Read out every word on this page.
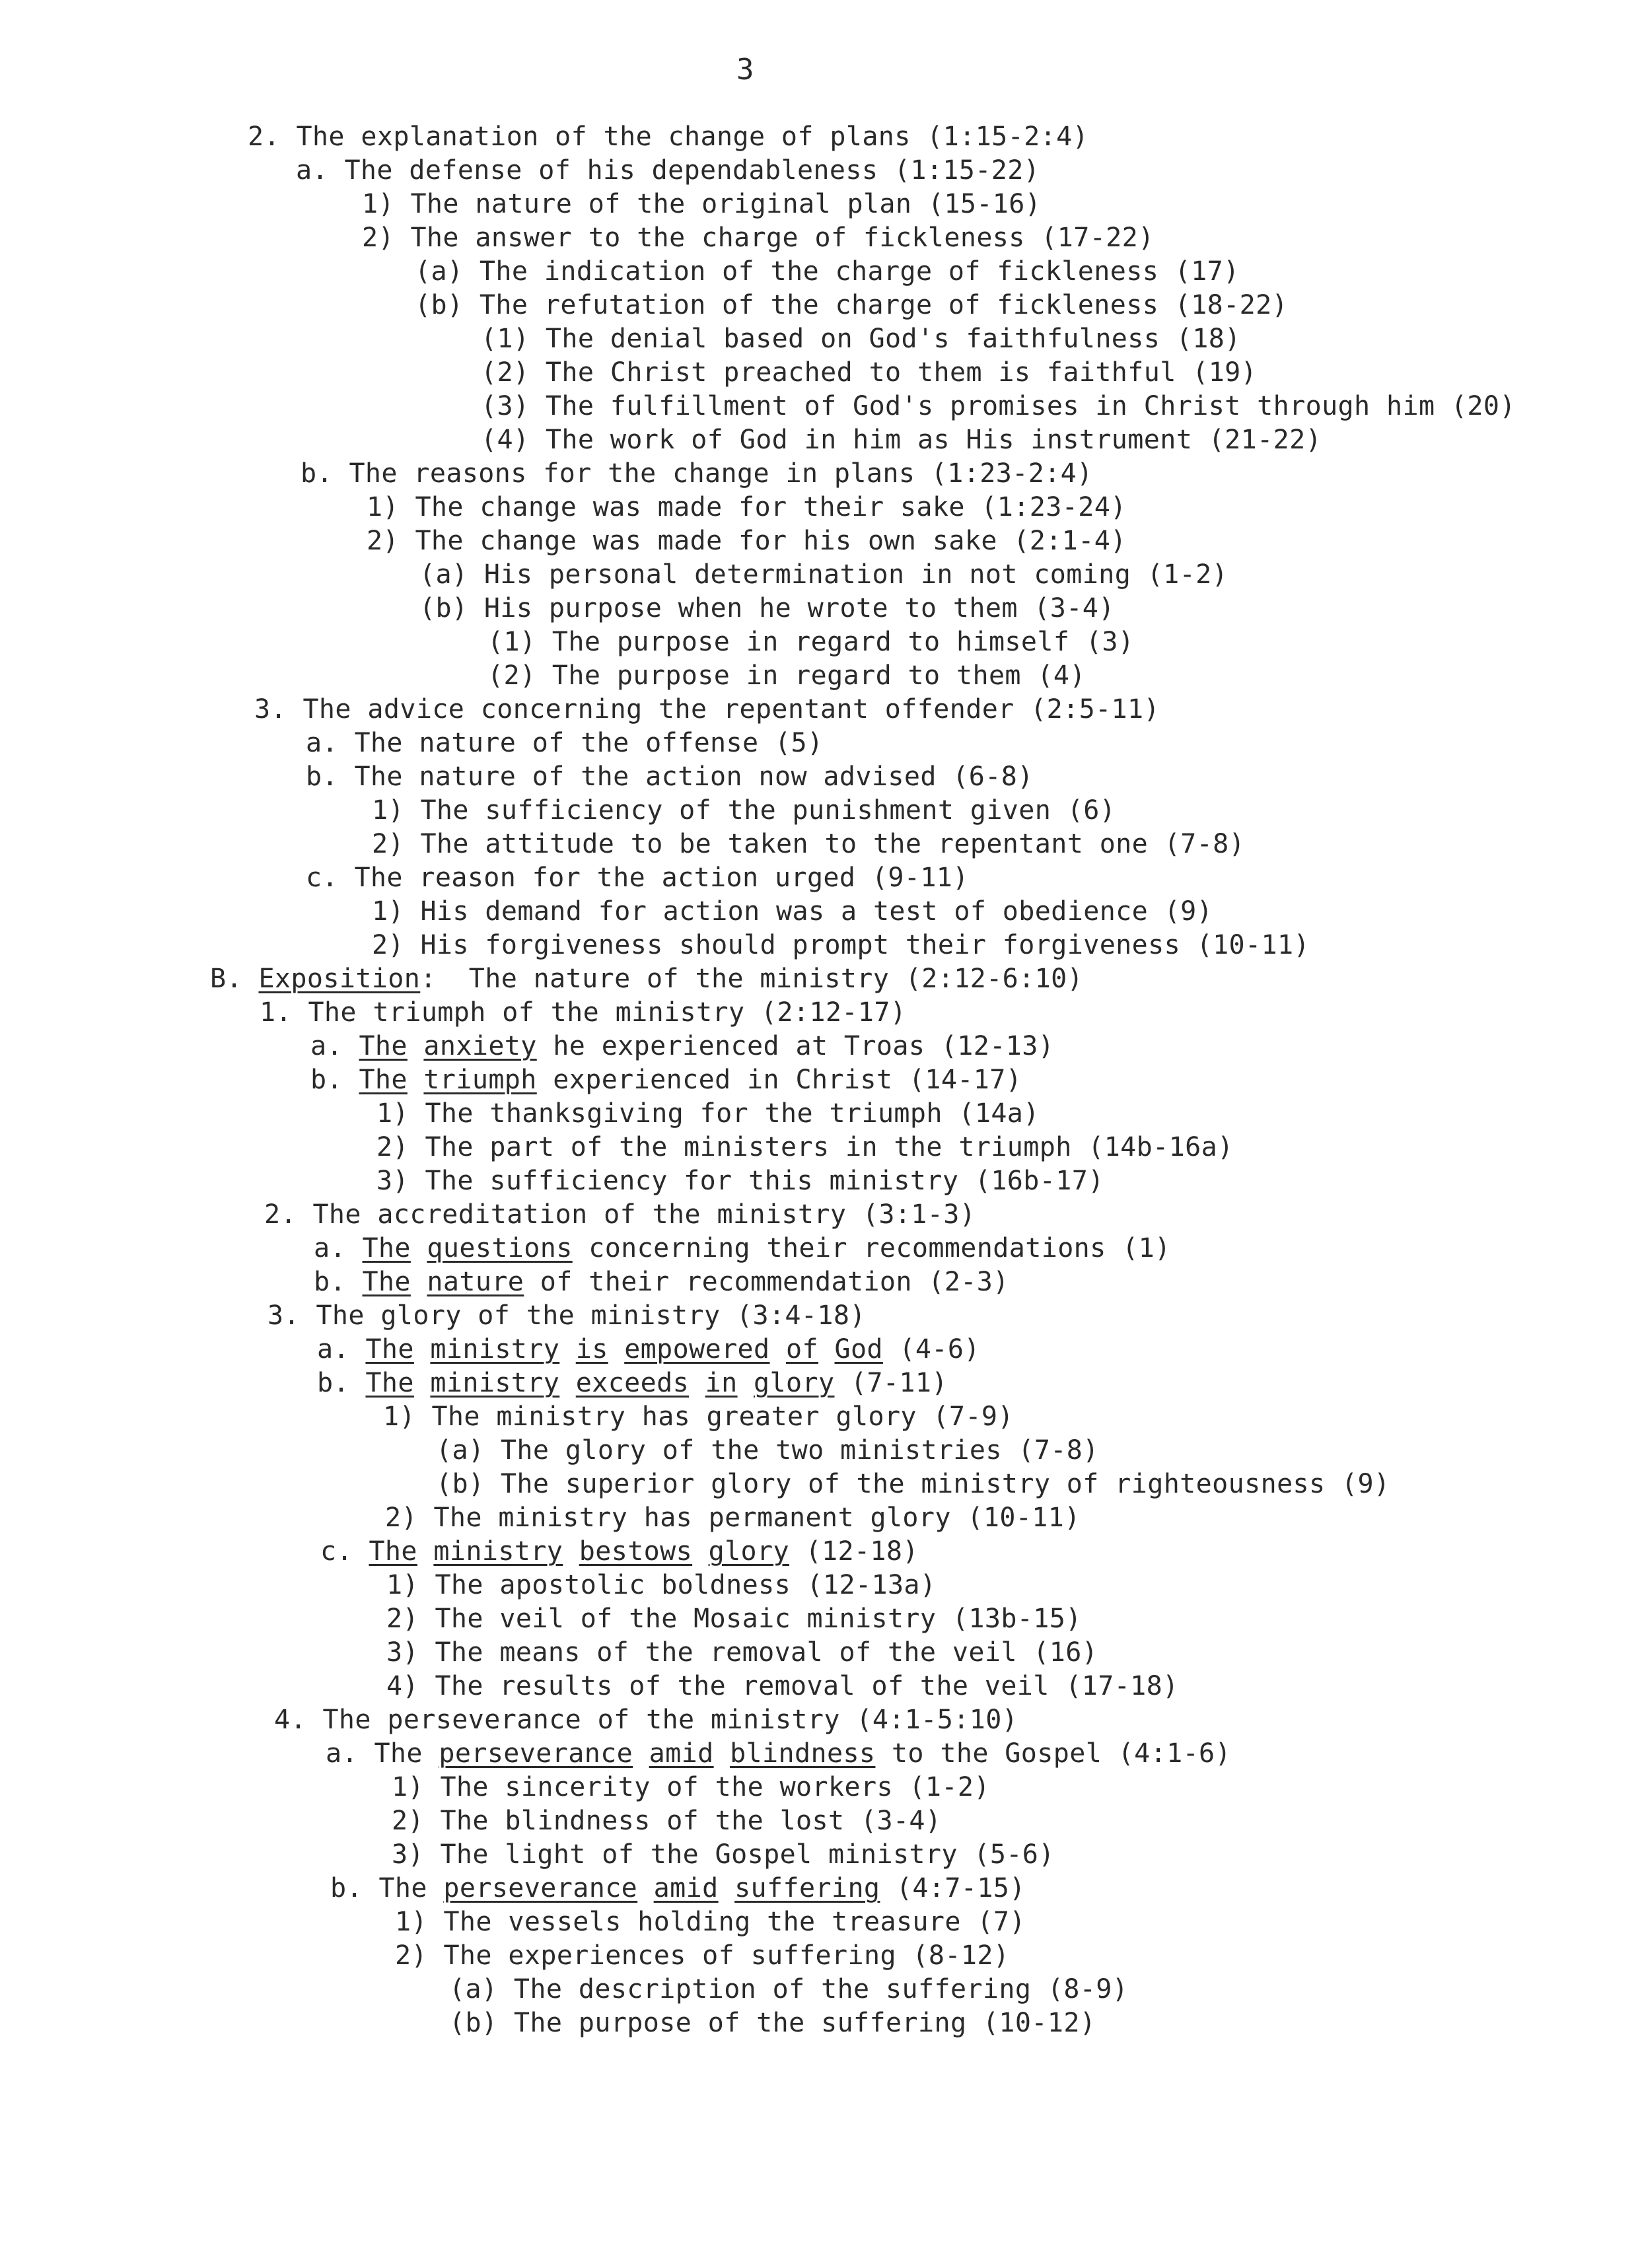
3
2. The explanation of the change of plans (1:15-2:4)
a. The defense of his dependableness (1:15-22)
1) The nature of the original plan (15-16)
2) The answer to the charge of fickleness (17-22)
(a) The indication of the charge of fickleness (17)
(b) The refutation of the charge of fickleness (18-22)
(1) The denial based on God's faithfulness (18)
(2) The Christ preached to them is faithful (19)
(3) The fulfillment of God's promises in Christ through him (20)
(4) The work of God in him as His instrument (21-22)
b. The reasons for the change in plans (1:23-2:4)
1) The change was made for their sake (1:23-24)
2) The change was made for his own sake (2:1-4)
(a) His personal determination in not coming (1-2)
(b) His purpose when he wrote to them (3-4)
(1) The purpose in regard to himself (3)
(2) The purpose in regard to them (4)
3. The advice concerning the repentant offender (2:5-11)
a. The nature of the offense (5)
b. The nature of the action now advised (6-8)
1) The sufficiency of the punishment given (6)
2) The attitude to be taken to the repentant one (7-8)
c. The reason for the action urged (9-11)
1) His demand for action was a test of obedience (9)
2) His forgiveness should prompt their forgiveness (10-11)
B. Exposition:  The nature of the ministry (2:12-6:10)
1. The triumph of the ministry (2:12-17)
a. The anxiety he experienced at Troas (12-13)
b. The triumph experienced in Christ (14-17)
1) The thanksgiving for the triumph (14a)
2) The part of the ministers in the triumph (14b-16a)
3) The sufficiency for this ministry (16b-17)
2. The accreditation of the ministry (3:1-3)
a. The questions concerning their recommendations (1)
b. The nature of their recommendation (2-3)
3. The glory of the ministry (3:4-18)
a. The ministry is empowered of God (4-6)
b. The ministry exceeds in glory (7-11)
1) The ministry has greater glory (7-9)
(a) The glory of the two ministries (7-8)
(b) The superior glory of the ministry of righteousness (9)
2) The ministry has permanent glory (10-11)
c. The ministry bestows glory (12-18)
1) The apostolic boldness (12-13a)
2) The veil of the Mosaic ministry (13b-15)
3) The means of the removal of the veil (16)
4) The results of the removal of the veil (17-18)
4. The perseverance of the ministry (4:1-5:10)
a. The perseverance amid blindness to the Gospel (4:1-6)
1) The sincerity of the workers (1-2)
2) The blindness of the lost (3-4)
3) The light of the Gospel ministry (5-6)
b. The perseverance amid suffering (4:7-15)
1) The vessels holding the treasure (7)
2) The experiences of suffering (8-12)
(a) The description of the suffering (8-9)
(b) The purpose of the suffering (10-12)
